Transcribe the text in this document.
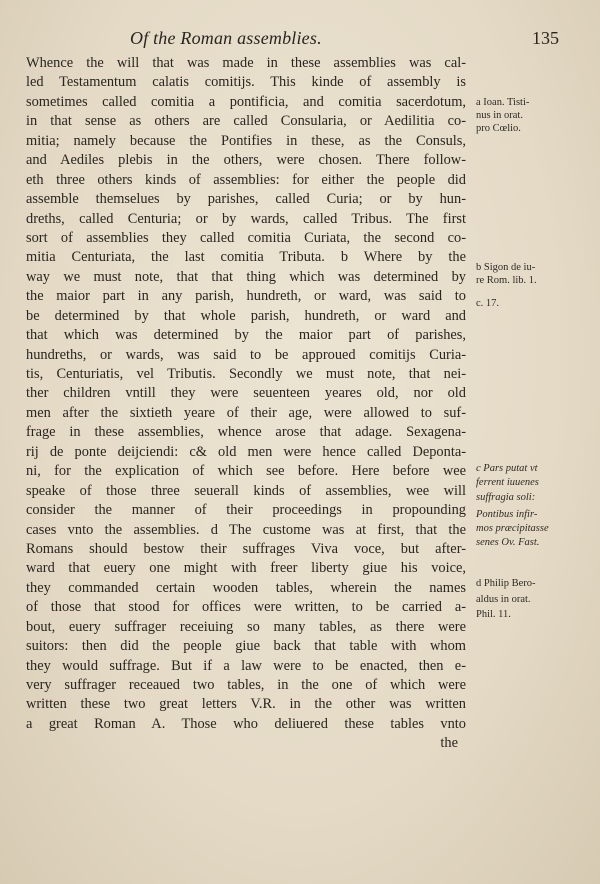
Of the Roman assemblies.	135
Whence the will that was made in these assemblies was cal-
led Testamentum calatis comitijs. This kinde of assembly is
sometimes called comitia a pontificia, and comitia sacerdotum,
in that sense as others are called Consularia, or Aedilitia co-
mitia; namely because the Pontifies in these, as the Consuls,
and Aediles plebis in the others, were chosen. There follow-
eth three others kinds of assemblies: for either the people did
assemble themselues by parishes, called Curia; or by hun-
dreths, called Centuria; or by wards, called Tribus. The first
sort of assemblies they called comitia Curiata, the second co-
mitia Centuriata, the last comitia Tributa. b Where by the
way we must note, that that thing which was determined by
the maior part in any parish, hundreth, or ward, was said to
be determined by that whole parish, hundreth, or ward and
that which was determined by the maior part of parishes,
hundreths, or wards, was said to be approued comitijs Curia-
tis, Centuriatis, vel Tributis. Secondly we must note, that nei-
ther children vntill they were seuenteen yeares old, nor old
men after the sixtieth yeare of their age, were allowed to suf-
frage in these assemblies, whence arose that adage. Sexagena-
rij de ponte deijciendi: c& old men were hence called Deponta-
ni, for the explication of which see before. Here before wee
speake of those three seuerall kinds of assemblies, wee will
consider the manner of their proceedings in propounding
cases vnto the assemblies. d The custome was at first, that the
Romans should bestow their suffrages Viva voce, but after-
ward that euery one might with freer liberty giue his voice,
they commanded certain wooden tables, wherein the names
of those that stood for offices were written, to be carried a-
bout, euery suffrager receiuing so many tables, as there were
suitors: then did the people giue back that table with whom
they would suffrage. But if a law were to be enacted, then e-
very suffrager receaued two tables, in the one of which were
written these two great letters V.R. in the other was written
a great Roman A. Those who deliuered these tables vnto
the
a Ioan. Tisti-
nus in orat.
pro Cœlio.
b Sigon de iu-
re Rom. lib. 1.
c. 17.
c Pars putat vt
ferrent iuuenes
suffragia soli:
Pontibus infir-
mos præcipitasse
senes Ov. Fast.
d Philip Bero-
aldus in orat.
Phil. 11.
